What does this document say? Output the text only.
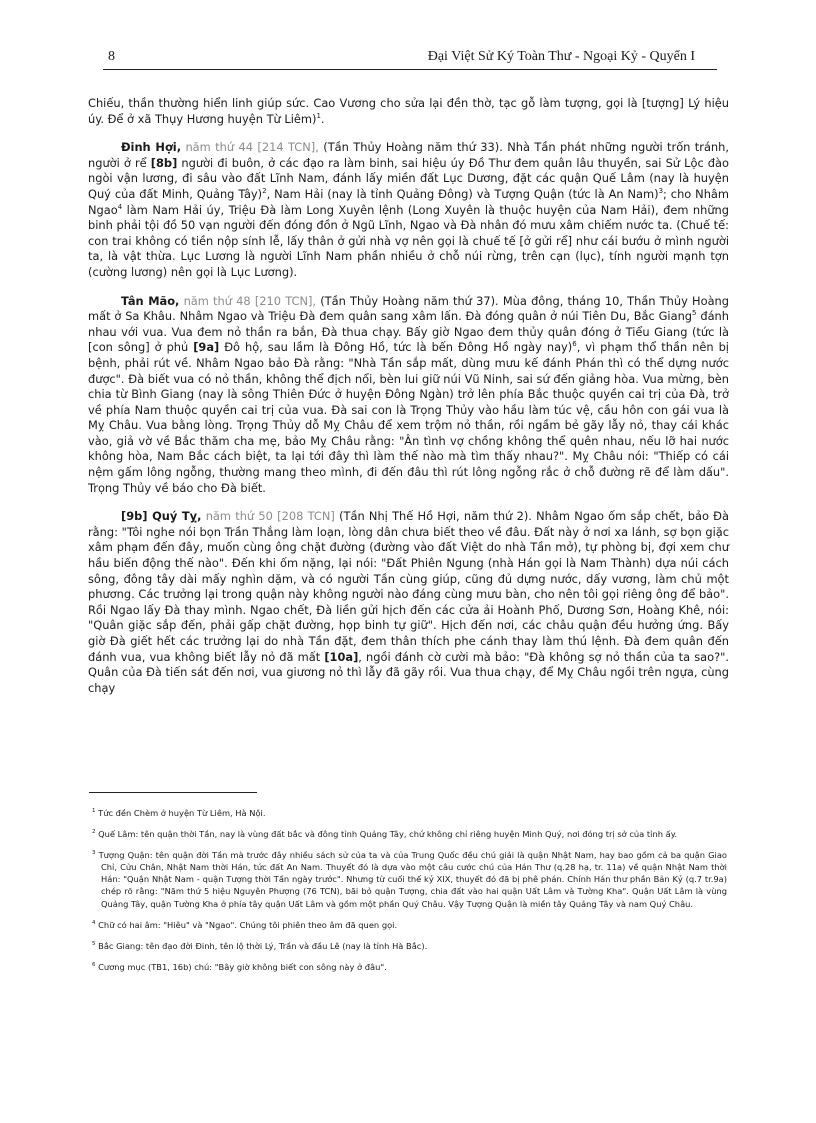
8	Đại Việt Sử Ký Toàn Thư - Ngoại Kỷ - Quyển I

Chiếu, thần thường hiển linh giúp sức. Cao Vương cho sửa lại đền thờ, tạc gỗ làm tượng, gọi là [tượng] Lý hiệu úy. Để ở xã Thụy Hương huyện Từ Liêm)$^1$.

Đinh Hợi, năm thứ 44 [214 TCN], (Tần Thủy Hoàng năm thứ 33). Nhà Tần phát những người trốn tránh, người ở rể [8b] người đi buôn, ở các đạo ra làm binh, sai hiệu úy Đồ Thư đem quân lâu thuyền, sai Sử Lộc đào ngòi vận lương, đi sâu vào đất Lĩnh Nam, đánh lấy miền đất Lục Dương, đặt các quận Quế Lâm (nay là huyện Quý của đất Minh, Quảng Tây)$^2$, Nam Hải (nay là tỉnh Quảng Đông) và Tượng Quận (tức là An Nam)$^3$; cho Nhâm Ngao$^4$ làm Nam Hải úy, Triệu Đà làm Long Xuyên lệnh (Long Xuyên là thuộc huyện của Nam Hải), đem những binh phải tội đồ 50 vạn người đến đóng đồn ở Ngũ Lĩnh, Ngao và Đà nhân đó mưu xâm chiếm nước ta. (Chuế tế: con trai không có tiền nộp sính lễ, lấy thân ở gửi nhà vợ nên gọi là chuế tế [ở gửi rể] như cái bướu ở mình người ta, là vật thừa. Lục Lương là người Lĩnh Nam phần nhiều ở chỗ núi rừng, trên cạn (lục), tính người mạnh tợn (cường lương) nên gọi là Lục Lương).

Tân Mão, năm thứ 48 [210 TCN], (Tần Thủy Hoàng năm thứ 37). Mùa đông, tháng 10, Thần Thủy Hoàng mất ở Sa Khâu. Nhâm Ngao và Triệu Đà đem quân sang xâm lấn. Đà đóng quân ở núi Tiên Du, Bắc Giang$^5$ đánh nhau với vua. Vua đem nỏ thần ra bắn, Đà thua chạy. Bấy giờ Ngao đem thủy quân đóng ở Tiểu Giang (tức là [con sông] ở phủ [9a] Đô hộ, sau lầm là Đông Hồ, tức là bến Đông Hồ ngày nay)$^6$, vì phạm thổ thần nên bị bệnh, phải rút về. Nhâm Ngao bảo Đà rằng: "Nhà Tần sắp mất, dùng mưu kế đánh Phán thì có thể dựng nước được". Đà biết vua có nỏ thần, không thể địch nổi, bèn lui giữ núi Vũ Ninh, sai sứ đến giảng hòa. Vua mừng, bèn chia từ Bình Giang (nay là sông Thiên Đức ở huyện Đông Ngàn) trở lên phía Bắc thuộc quyền cai trị của Đà, trở về phía Nam thuộc quyền cai trị của vua. Đà sai con là Trọng Thủy vào hầu làm túc vệ, cầu hôn con gái vua là Mỵ Châu. Vua bằng lòng. Trọng Thủy dỗ Mỵ Châu để xem trộm nỏ thần, rồi ngầm bẻ gãy lẫy nỏ, thay cái khác vào, giả vờ về Bắc thăm cha mẹ, bảo Mỵ Châu rằng: "Ân tình vợ chồng không thể quên nhau, nếu lỡ hai nước không hòa, Nam Bắc cách biệt, ta lại tới đây thì làm thế nào mà tìm thấy nhau?". Mỵ Châu nói: "Thiếp có cái nệm gấm lông ngỗng, thường mang theo mình, đi đến đâu thì rút lông ngỗng rắc ở chỗ đường rẽ để làm dấu". Trọng Thủy về báo cho Đà biết.

[9b] Quý Tỵ, năm thứ 50 [208 TCN] (Tần Nhị Thế Hồ Hợi, năm thứ 2). Nhâm Ngao ốm sắp chết, bảo Đà rằng: "Tôi nghe nói bọn Trần Thắng làm loạn, lòng dân chưa biết theo về đâu. Đất này ở nơi xa lánh, sợ bọn giặc xâm phạm đến đây, muốn cùng ông chặt đường (đường vào đất Việt do nhà Tần mở), tự phòng bị, đợi xem chư hầu biến động thế nào". Đến khi ốm nặng, lại nói: "Đất Phiên Ngung (nhà Hán gọi là Nam Thành) dựa núi cách sông, đông tây dài mấy nghìn dặm, và có người Tần cùng giúp, cũng đủ dựng nước, dấy vương, làm chủ một phương. Các trưởng lại trong quận này không người nào đáng cùng mưu bàn, cho nên tôi gọi riêng ông để bảo". Rồi Ngao lấy Đà thay mình. Ngao chết, Đà liền gửi hịch đến các cửa ải Hoành Phố, Dương Sơn, Hoàng Khê, nói: "Quân giặc sắp đến, phải gấp chặt đường, họp binh tự giữ". Hịch đến nơi, các châu quận đều hưởng ứng. Bấy giờ Đà giết hết các trưởng lại do nhà Tần đặt, đem thân thích phe cánh thay làm thú lệnh. Đà đem quân đến đánh vua, vua không biết lẫy nỏ đã mất [10a], ngồi đánh cờ cười mà bảo: "Đà không sợ nỏ thần của ta sao?". Quân của Đà tiến sát đến nơi, vua giương nỏ thì lẫy đã gãy rồi. Vua thua chạy, để Mỵ Châu ngồi trên ngựa, cùng chạy

$^1$ Tức đền Chèm ở huyện Từ Liêm, Hà Nội.

$^2$ Quế Lâm: tên quận thời Tần, nay là vùng đất bắc và đông tỉnh Quảng Tây, chứ không chỉ riêng huyện Minh Quý, nơi đóng trị sở của tỉnh ấy.

$^3$ Tượng Quận: tên quận đời Tần mà trước đây nhiều sách sử của ta và của Trung Quốc đều chú giải là quận Nhật Nam, hay bao gồm cả ba quận Giao Chỉ, Cửu Chân, Nhật Nam thời Hán, tức đất An Nam. Thuyết đó là dựa vào một câu cước chú của Hán Thư (q.28 hạ, tr. 11a) về quận Nhật Nam thời Hán: "Quận Nhật Nam - quận Tượng thời Tần ngày trước". Nhưng từ cuối thế kỷ XIX, thuyết đó đã bị phê phán. Chính Hán thư phần Bản Kỷ (q.7 tr.9a) chép rõ rằng: "Năm thứ 5 hiệu Nguyên Phượng (76 TCN), bãi bỏ quận Tượng, chia đất vào hai quận Uất Lâm và Tường Kha". Quận Uất Lâm là vùng Quảng Tây, quận Tường Kha ở phía tây quận Uất Lâm và gồm một phần Quý Châu. Vậy Tượng Quận là miền tây Quảng Tây và nam Quý Châu.

$^4$ Chữ có hai âm: "Hiêu" và "Ngao". Chúng tôi phiên theo âm đã quen gọi.

$^5$ Bắc Giang: tên đạo đời Đinh, tên lộ thời Lý, Trần và đầu Lê (nay là tỉnh Hà Bắc).

$^6$ Cương mục (TB1, 16b) chú: "Bây giờ không biết con sông này ở đâu".
